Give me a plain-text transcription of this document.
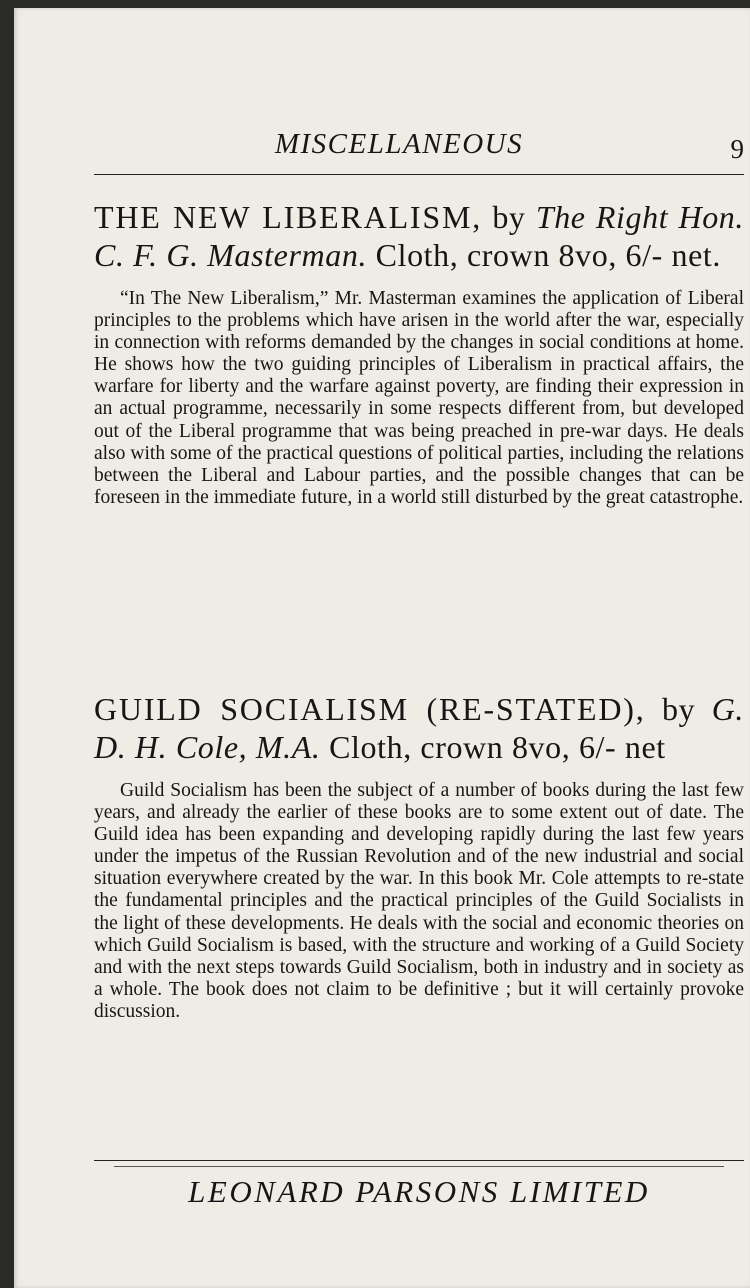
MISCELLANEOUS	9
THE NEW LIBERALISM, by The Right Hon. C. F. G. Masterman. Cloth, crown 8vo, 6/- net.
“In The New Liberalism,” Mr. Masterman examines the application of Liberal principles to the problems which have arisen in the world after the war, especially in connection with reforms demanded by the changes in social conditions at home. He shows how the two guiding principles of Liberalism in practical affairs, the warfare for liberty and the warfare against poverty, are finding their expression in an actual programme, necessarily in some respects different from, but developed out of the Liberal programme that was being preached in pre-war days. He deals also with some of the practical questions of political parties, including the relations between the Liberal and Labour parties, and the possible changes that can be foreseen in the immediate future, in a world still disturbed by the great catastrophe.
GUILD SOCIALISM (RE-STATED), by G. D. H. Cole, M.A. Cloth, crown 8vo, 6/- net
Guild Socialism has been the subject of a number of books during the last few years, and already the earlier of these books are to some extent out of date. The Guild idea has been expanding and developing rapidly during the last few years under the impetus of the Russian Revolution and of the new industrial and social situation everywhere created by the war. In this book Mr. Cole attempts to re-state the fundamental principles and the practical principles of the Guild Socialists in the light of these developments. He deals with the social and economic theories on which Guild Socialism is based, with the structure and working of a Guild Society and with the next steps towards Guild Socialism, both in industry and in society as a whole. The book does not claim to be definitive ; but it will certainly provoke discussion.
LEONARD PARSONS LIMITED
